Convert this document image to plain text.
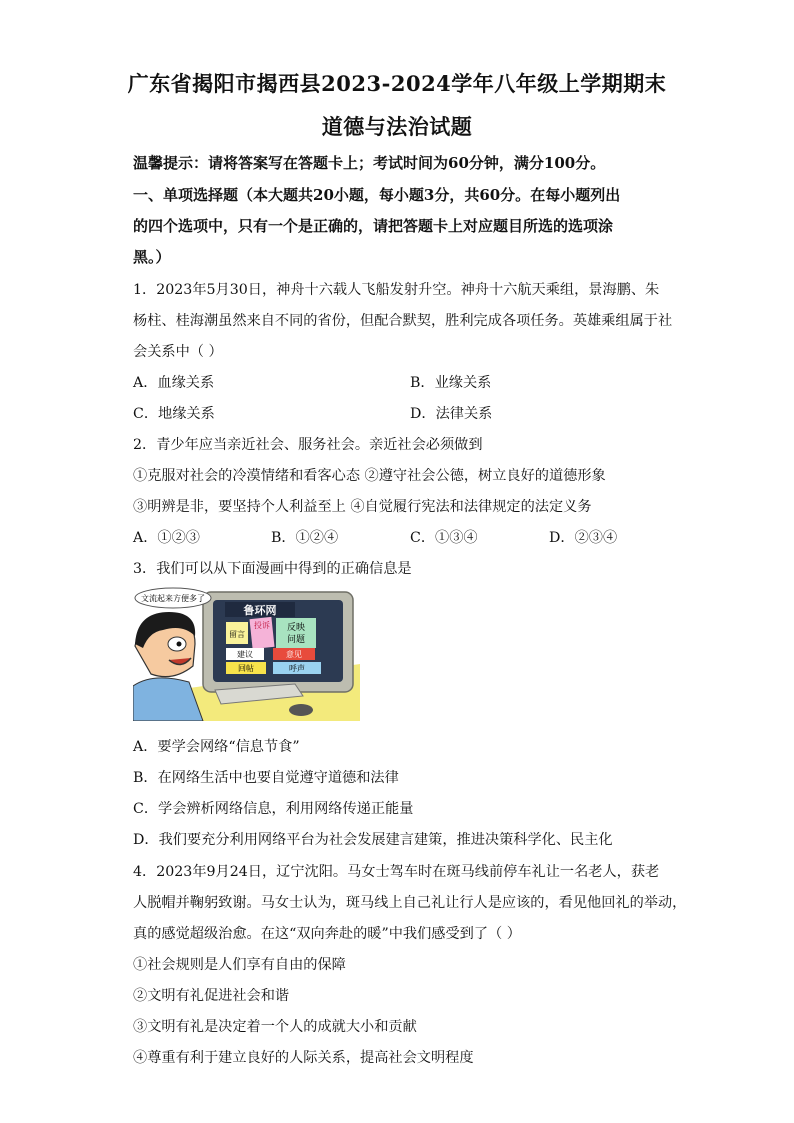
广东省揭阳市揭西县2023-2024学年八年级上学期期末
道德与法治试题
温馨提示：请将答案写在答题卡上；考试时间为60分钟，满分100分。
一、单项选择题（本大题共20小题，每小题3分，共60分。在每小题列出
的四个选项中，只有一个是正确的，请把答题卡上对应题目所选的选项涂
黑。）
1．2023年5月30日，神舟十六载人飞船发射升空。神舟十六航天乘组，景海鹏、朱
杨柱、桂海潮虽然来自不同的省份，但配合默契，胜利完成各项任务。英雄乘组属于社
会关系中（ ）
A．血缘关系	B．业缘关系
C．地缘关系	D．法律关系
2．青少年应当亲近社会、服务社会。亲近社会必须做到
①克服对社会的冷漠情绪和看客心态 ②遵守社会公德，树立良好的道德形象
③明辨是非，要坚持个人利益至上 ④自觉履行宪法和法律规定的法定义务
A．①②③	B．①②④	C．①③④	D．②③④
3．我们可以从下面漫画中得到的正确信息是
鲁环网
留言
投诉 反映
问题
建议	意见
回帖	呼声
文流起来方便多了
A．要学会网络“信息节食”
B．在网络生活中也要自觉遵守道德和法律
C．学会辨析网络信息，利用网络传递正能量
D．我们要充分利用网络平台为社会发展建言建策，推进决策科学化、民主化
4．2023年9月24日，辽宁沈阳。马女士驾车时在斑马线前停车礼让一名老人，获老
人脱帽并鞠躬致谢。马女士认为，斑马线上自己礼让行人是应该的，看见他回礼的举动，
真的感觉超级治愈。在这“双向奔赴的暖”中我们感受到了（ ）
①社会规则是人们享有自由的保障
②文明有礼促进社会和谐
③文明有礼是决定着一个人的成就大小和贡献
④尊重有利于建立良好的人际关系，提高社会文明程度
